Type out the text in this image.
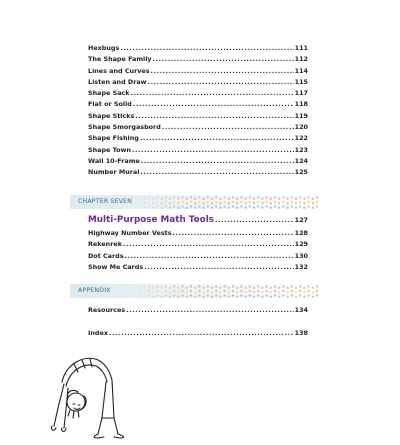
Hexbugs .....	111
The Shape Family .....	112
Lines and Curves .....	114
Listen and Draw .....	115
Shape Sack .....	117
Flat or Solid .....	118
Shape Sticks .....	119
Shape Smorgasbord .....	120
Shape Fishing .....	122
Shape Town .....	123
Wall 10-Frame .....	124
Number Mural .....	125
CHAPTER SEVEN
Multi-Purpose Math Tools .....	127
Highway Number Vests .....	128
Rekenrek .....	129
Dot Cards .....	130
Show Me Cards .....	132
APPENDIX
Resources .....	134
Index .....	138
